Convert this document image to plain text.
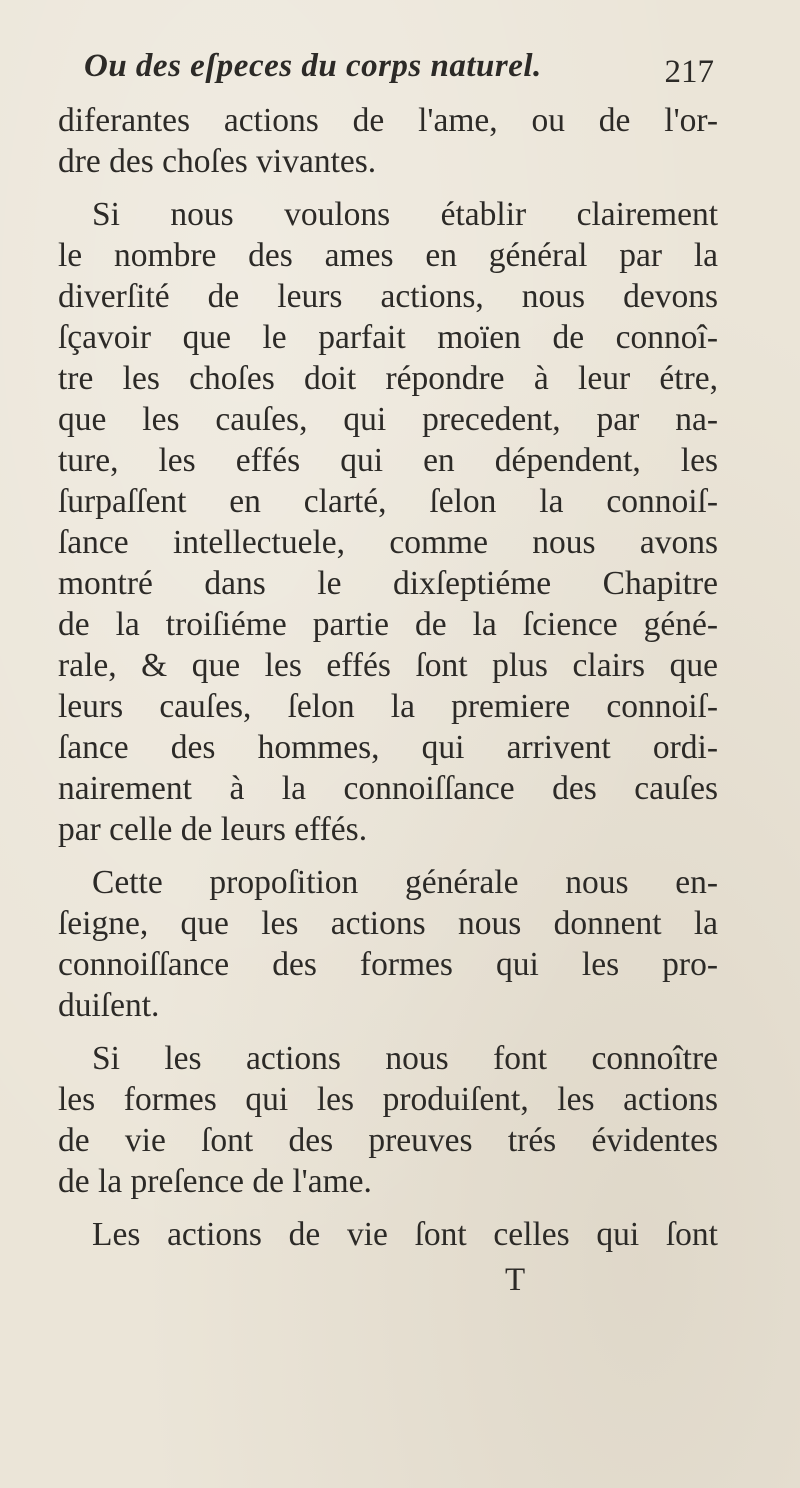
Ou des eſpeces du corps naturel.	217
diferantes actions de l'ame, ou de l'or-
dre des choſes vivantes.
Si nous voulons établir clairement
le nombre des ames en général par la
diverſité de leurs actions, nous devons
ſçavoir que le parfait moïen de connoî-
tre les choſes doit répondre à leur étre,
que les cauſes, qui precedent, par na-
ture, les effés qui en dépendent, les
ſurpaſſent en clarté, ſelon la connoiſ-
ſance intellectuele, comme nous avons
montré dans le dixſeptiéme Chapitre
de la troiſiéme partie de la ſcience géné-
rale, & que les effés ſont plus clairs que
leurs cauſes, ſelon la premiere connoiſ-
ſance des hommes, qui arrivent ordi-
nairement à la connoiſſance des cauſes
par celle de leurs effés.
Cette propoſition générale nous en-
ſeigne, que les actions nous donnent la
connoiſſance des formes qui les pro-
duiſent.
Si les actions nous font connoître
les formes qui les produiſent, les actions
de vie ſont des preuves trés évidentes
de la preſence de l'ame.
Les actions de vie ſont celles qui ſont
T
